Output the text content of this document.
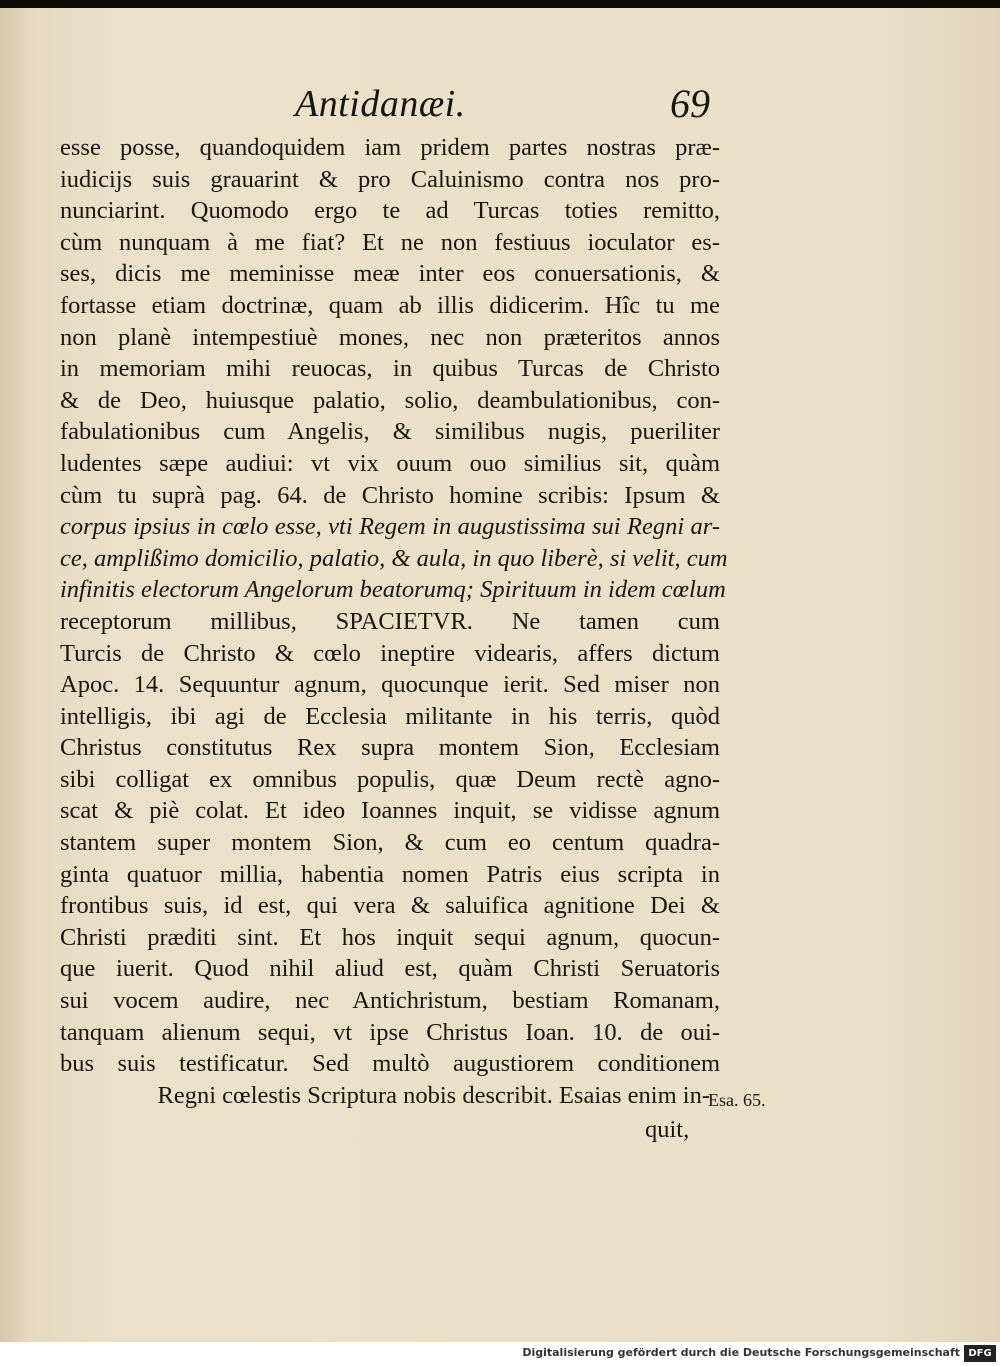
Antidanæi.	69
esse posse, quandoquidem iam pridem partes nostras præ-
iudicijs suis grauarint & pro Caluinismo contra nos pro-
nunciarint. Quomodo ergo te ad Turcas toties remitto,
cùm nunquam à me fiat? Et ne non festiuus ioculator es-
ses, dicis me meminisse meæ inter eos conuersationis, &
fortasse etiam doctrinæ, quam ab illis didicerim. Hîc tu me
non planè intempestiuè mones, nec non præteritos annos
in memoriam mihi reuocas, in quibus Turcas de Christo
& de Deo, huiusque palatio, solio, deambulationibus, con-
fabulationibus cum Angelis, & similibus nugis, pueriliter
ludentes sæpe audiui: vt vix ouum ouo similius sit, quàm
cùm tu suprà pag. 64. de Christo homine scribis: Ipsum &
corpus ipsius in cœlo esse, vti Regem in augustissima sui Regni ar-
ce, amplißimo domicilio, palatio, & aula, in quo liberè, si velit, cum
infinitis electorum Angelorum beatorumq; Spirituum in idem cœlum
receptorum millibus, SPACIETVR. Ne tamen cum
Turcis de Christo & cœlo ineptire videaris, affers dictum
Apoc. 14. Sequuntur agnum, quocunque ierit. Sed miser non
intelligis, ibi agi de Ecclesia militante in his terris, quòd
Christus constitutus Rex supra montem Sion, Ecclesiam
sibi colligat ex omnibus populis, quæ Deum rectè agno-
scat & piè colat. Et ideo Ioannes inquit, se vidisse agnum
stantem super montem Sion, & cum eo centum quadra-
ginta quatuor millia, habentia nomen Patris eius scripta in
frontibus suis, id est, qui vera & saluifica agnitione Dei &
Christi præditi sint. Et hos inquit sequi agnum, quocun-
que iuerit. Quod nihil aliud est, quàm Christi Seruatoris
sui vocem audire, nec Antichristum, bestiam Romanam,
tanquam alienum sequi, vt ipse Christus Ioan. 10. de oui-
bus suis testificatur. Sed multò augustiorem conditionem
Regni cœlestis Scriptura nobis describit. Esaias enim in-
Esa. 65.
quit,
Digitalisierung gefördert durch die Deutsche Forschungsgemeinschaft DFG
